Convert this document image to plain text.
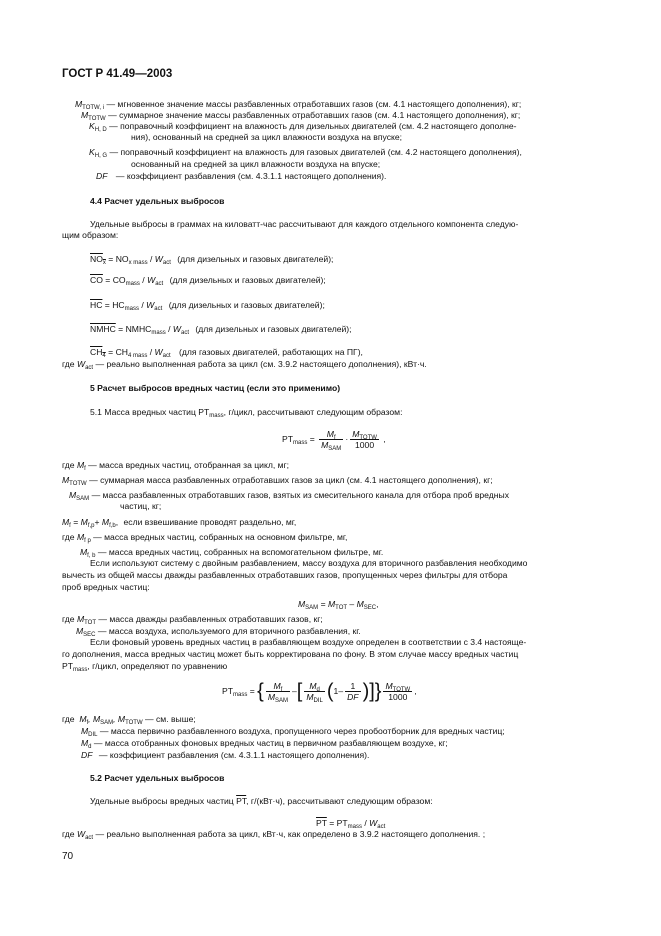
ГОСТ Р 41.49—2003
$M_{TOTW, i}$ — мгновенное значение массы разбавленных отработавших газов (см. 4.1 настоящего дополнения), кг;
$M_{TOTW}$ — суммарное значение массы разбавленных отработавших газов (см. 4.1 настоящего дополнения), кг;
$K_{H, D}$ — поправочный коэффициент на влажность для дизельных двигателей (см. 4.2 настоящего дополне-
ния), основанный на средней за цикл влажности воздуха на впуске;
$K_{H, G}$ — поправочный коэффициент на влажность для газовых двигателей (см. 4.2 настоящего дополнения),
основанный на средней за цикл влажности воздуха на впуске;
DF — коэффициент разбавления (см. 4.3.1.1 настоящего дополнения).
4.4 Расчет удельных выбросов
Удельные выбросы в граммах на киловатт-час рассчитывают для каждого отдельного компонента следую-
щим образом:
$NO_x = NO_{x mass} / W_{act}$ (для дизельных и газовых двигателей);
$\overline{CO} = CO_{mass} / W_{act}$ (для дизельных и газовых двигателей);
$\overline{HC} = HC_{mass} / W_{act}$ (для дизельных и газовых двигателей);
NMHC = $NMHC_{mass} / W_{act}$ (для дизельных и газовых двигателей);
$CH_4 = CH_{4 mass} / W_{act}$ (для газовых двигателей, работающих на ПГ),
где $W_{act}$ — реально выполненная работа за цикл (см. 3.9.2 настоящего дополнения), кВт·ч.
5 Расчет выбросов вредных частиц (если это применимо)
5.1 Масса вредных частиц $PT_{mass}$, г/цикл, рассчитывают следующим образом:
$PT_{mass} = \frac{M_f}{M_{SAM}} \cdot \frac{M_{TOTW}}{1000}$ ,
где $M_f$ — масса вредных частиц, отобранная за цикл, мг;
$M_{TOTW}$ — суммарная масса разбавленных отработавших газов за цикл (см. 4.1 настоящего дополнения), кг;
$M_{SAM}$ — масса разбавленных отработавших газов, взятых из смесительного канала для отбора проб вредных
частиц, кг;
$M_f = M_{f,p}+ M_{f,b}$, если взвешивание проводят раздельно, мг,
где $M_{f p}$ — масса вредных частиц, собранных на основном фильтре, мг,
$M_{f, b}$ — масса вредных частиц, собранных на вспомогательном фильтре, мг.
Если используют систему с двойным разбавлением, массу воздуха для вторичного разбавления необходимо
вычесть из общей массы дважды разбавленных отработавших газов, пропущенных через фильтры для отбора
проб вредных частиц:
$M_{SAM} = M_{TOT} - M_{SEC}$,
где $M_{TOT}$ — масса дважды разбавленных отработавших газов, кг;
$M_{SEC}$ — масса воздуха, используемого для вторичного разбавления, кг.
Если фоновый уровень вредных частиц в разбавляющем воздухе определен в соответствии с 3.4 настояще-
го дополнения, масса вредных частиц может быть корректирована по фону. В этом случае массу вредных частиц
$PT_{mass}$, г/цикл, определяют по уравнению
$PT_{mass}$ = { $\frac{M_f}{M_{SAM}}$ –[ $\frac{M_d}{M_{DIL}} (1- \frac{1}{DF}$ )]} $\frac{M_{TOTW}}{1000}$ ,
где $M_f$, $M_{SAM}$, $M_{TOTW}$ — см. выше;
$M_{DIL}$ — масса первично разбавленного воздуха, пропущенного через пробоотборник для вредных частиц;
$M_d$ — масса отобранных фоновых вредных частиц в первичном разбавляющем воздухе, кг;
DF — коэффициент разбавления (см. 4.3.1.1 настоящего дополнения).
5.2 Расчет удельных выбросов
Удельные выбросы вредных частиц $\overline{PT}$, г/(кВт·ч), рассчитывают следующим образом:
$\overline{PT} = PT_{mass} / W_{act}$
где $W_{act}$ — реально выполненная работа за цикл, кВт·ч, как определено в 3.9.2 настоящего дополнения. ;
70
